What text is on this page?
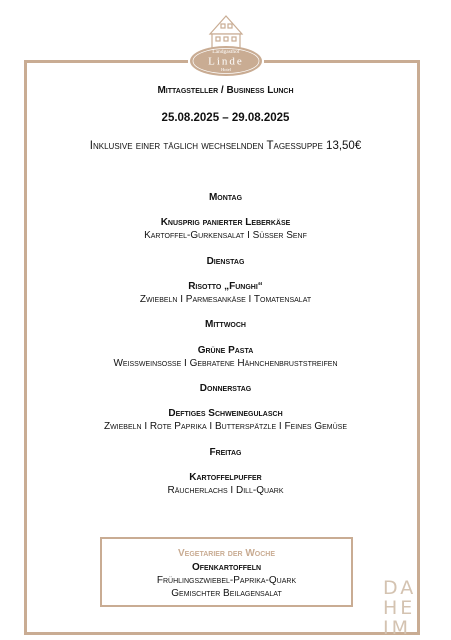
Landgasthof
Linde
Hotel
Mittagsteller / Business Lunch
25.08.2025 – 29.08.2025
Inklusive einer täglich wechselnden Tagessuppe 13,50€
Montag
Knusprig panierter Leberkäse
Kartoffel-Gurkensalat I Süßer Senf
Dienstag
Risotto „Funghi“
Zwiebeln I Parmesankäse I Tomatensalat
Mittwoch
Grüne Pasta
Weißweinsoße I Gebratene Hähnchenbruststreifen
Donnerstag
Deftiges Schweinegulasch
Zwiebeln I Rote Paprika I Butterspätzle I Feines Gemüse
Freitag
Kartoffelpuffer
Räucherlachs I Dill-Quark
Vegetarier der Woche
Ofenkartoffeln
Frühlingszwiebel-Paprika-Quark
Gemischter Beilagensalat	DA
HE
IM
